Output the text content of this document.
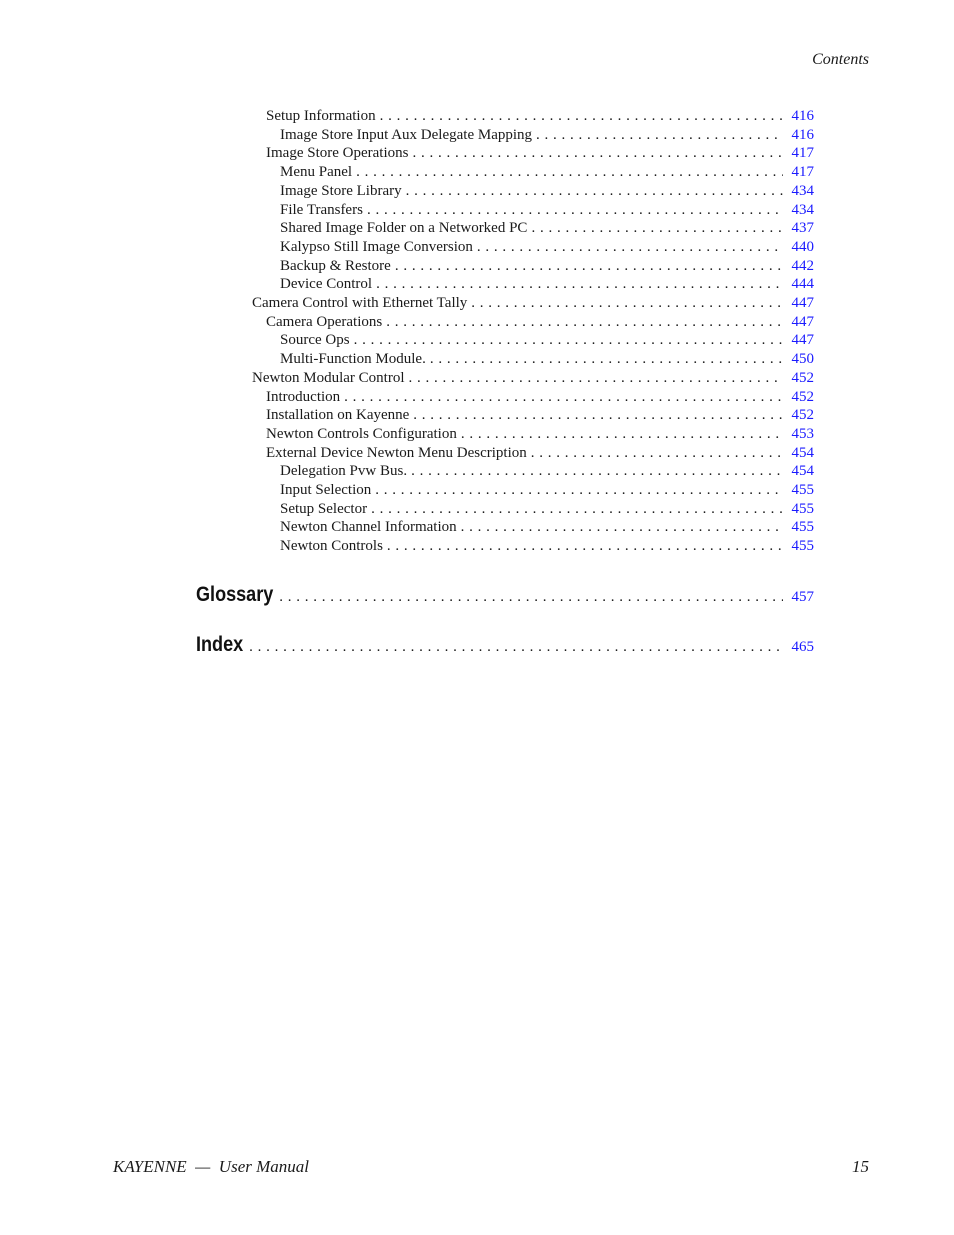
Contents
Setup Information . . .	416
Image Store Input Aux Delegate Mapping . . .	416
Image Store Operations . . .	417
Menu Panel . . .	417
Image Store Library . . .	434
File Transfers . . .	434
Shared Image Folder on a Networked PC . . .	437
Kalypso Still Image Conversion . . .	440
Backup & Restore . . .	442
Device Control . . .	444
Camera Control with Ethernet Tally . . .	447
Camera Operations . . .	447
Source Ops . . .	447
Multi-Function Module. . . .	450
Newton Modular Control . . .	452
Introduction . . .	452
Installation on Kayenne . . .	452
Newton Controls Configuration . . .	453
External Device Newton Menu Description . . .	454
Delegation Pvw Bus. . . .	454
Input Selection . . .	455
Setup Selector . . .	455
Newton Channel Information . . .	455
Newton Controls . . .	455
Glossary . . .	457
Index . . .	465
KAYENNE  —  User Manual	15
